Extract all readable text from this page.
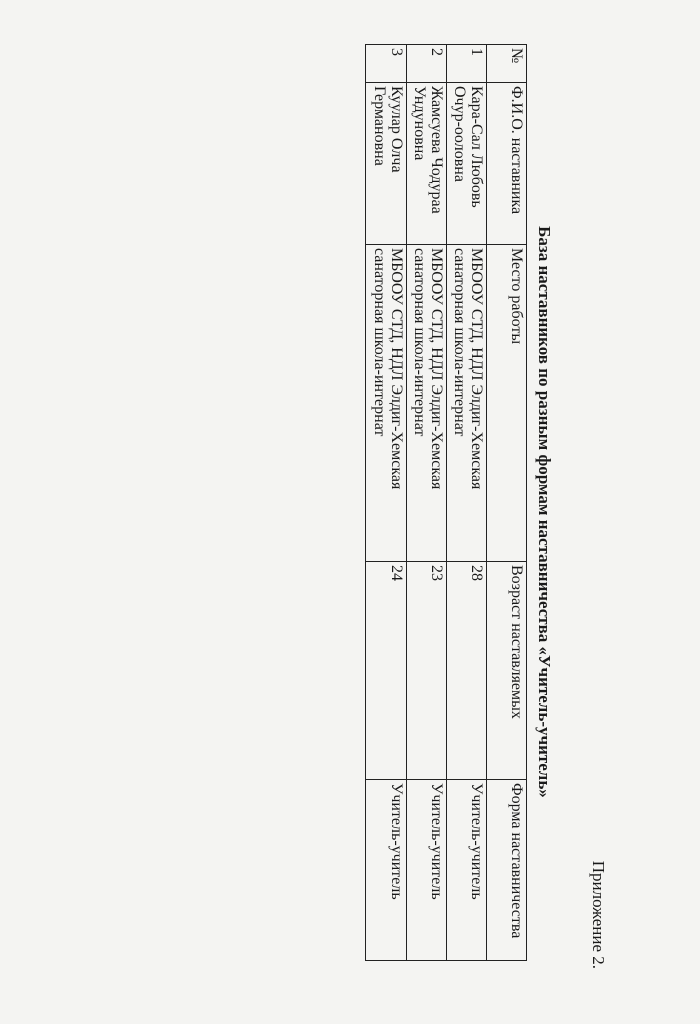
Приложение 2.
База наставников по разным формам наставничества «Учитель-учитель»
№	Ф.И.О. наставника	Место работы	Возраст наставляемых	Форма наставничества
1	Кара-Сал Любовь Очур-ооловна	МБООУ СТД, НДЛ Элдиг-Хемская санаторная школа-интернат	28	Учитель-учитель
2	Жамсуева Чодураа Ундуновна	МБООУ СТД, НДЛ Элдиг-Хемская санаторная школа-интернат	23	Учитель-учитель
3	Куулар Олча Германовна	МБООУ СТД, НДЛ Элдиг-Хемская санаторная школа-интернат	24	Учитель-учитель
